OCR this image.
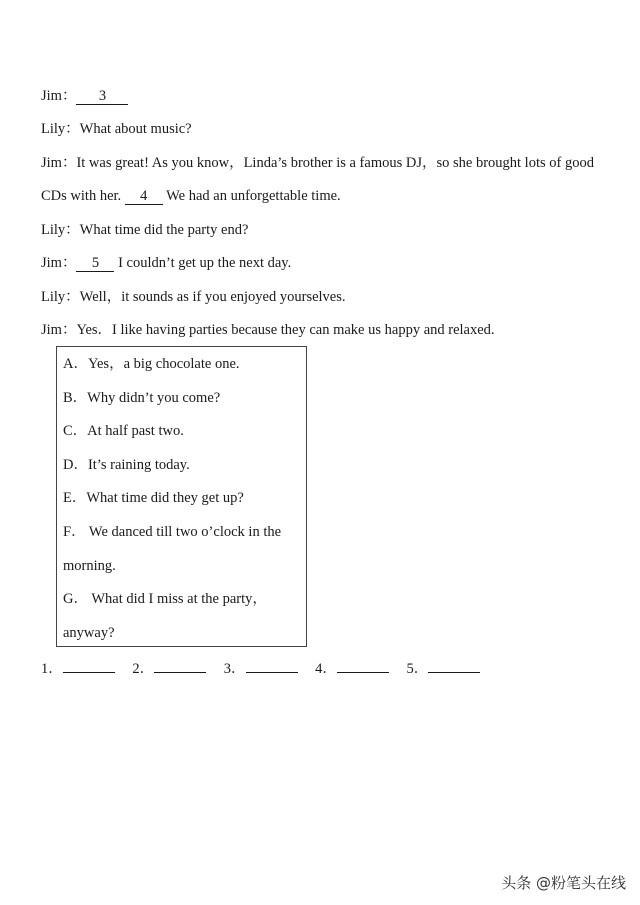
Jim： 3
Lily：What about music?
Jim：It was great! As you know，Linda’s brother is a famous DJ，so she brought lots of good
CDs with her. 4 We had an unforgettable time.
Lily：What time did the party end?
Jim： 5 I couldn’t get up the next day.
Lily：Well，it sounds as if you enjoyed yourselves.
Jim：Yes．I like having parties because they can make us happy and relaxed.
A．Yes，a big chocolate one.
B．Why didn’t you come?
C．At half past two.
D．It’s raining today.
E．What time did they get up?
F． We danced till two o’clock in the
morning.
G． What did I miss at the party，
anyway?
1．	2．	3．	4．	5．
头条 @粉笔头在线
